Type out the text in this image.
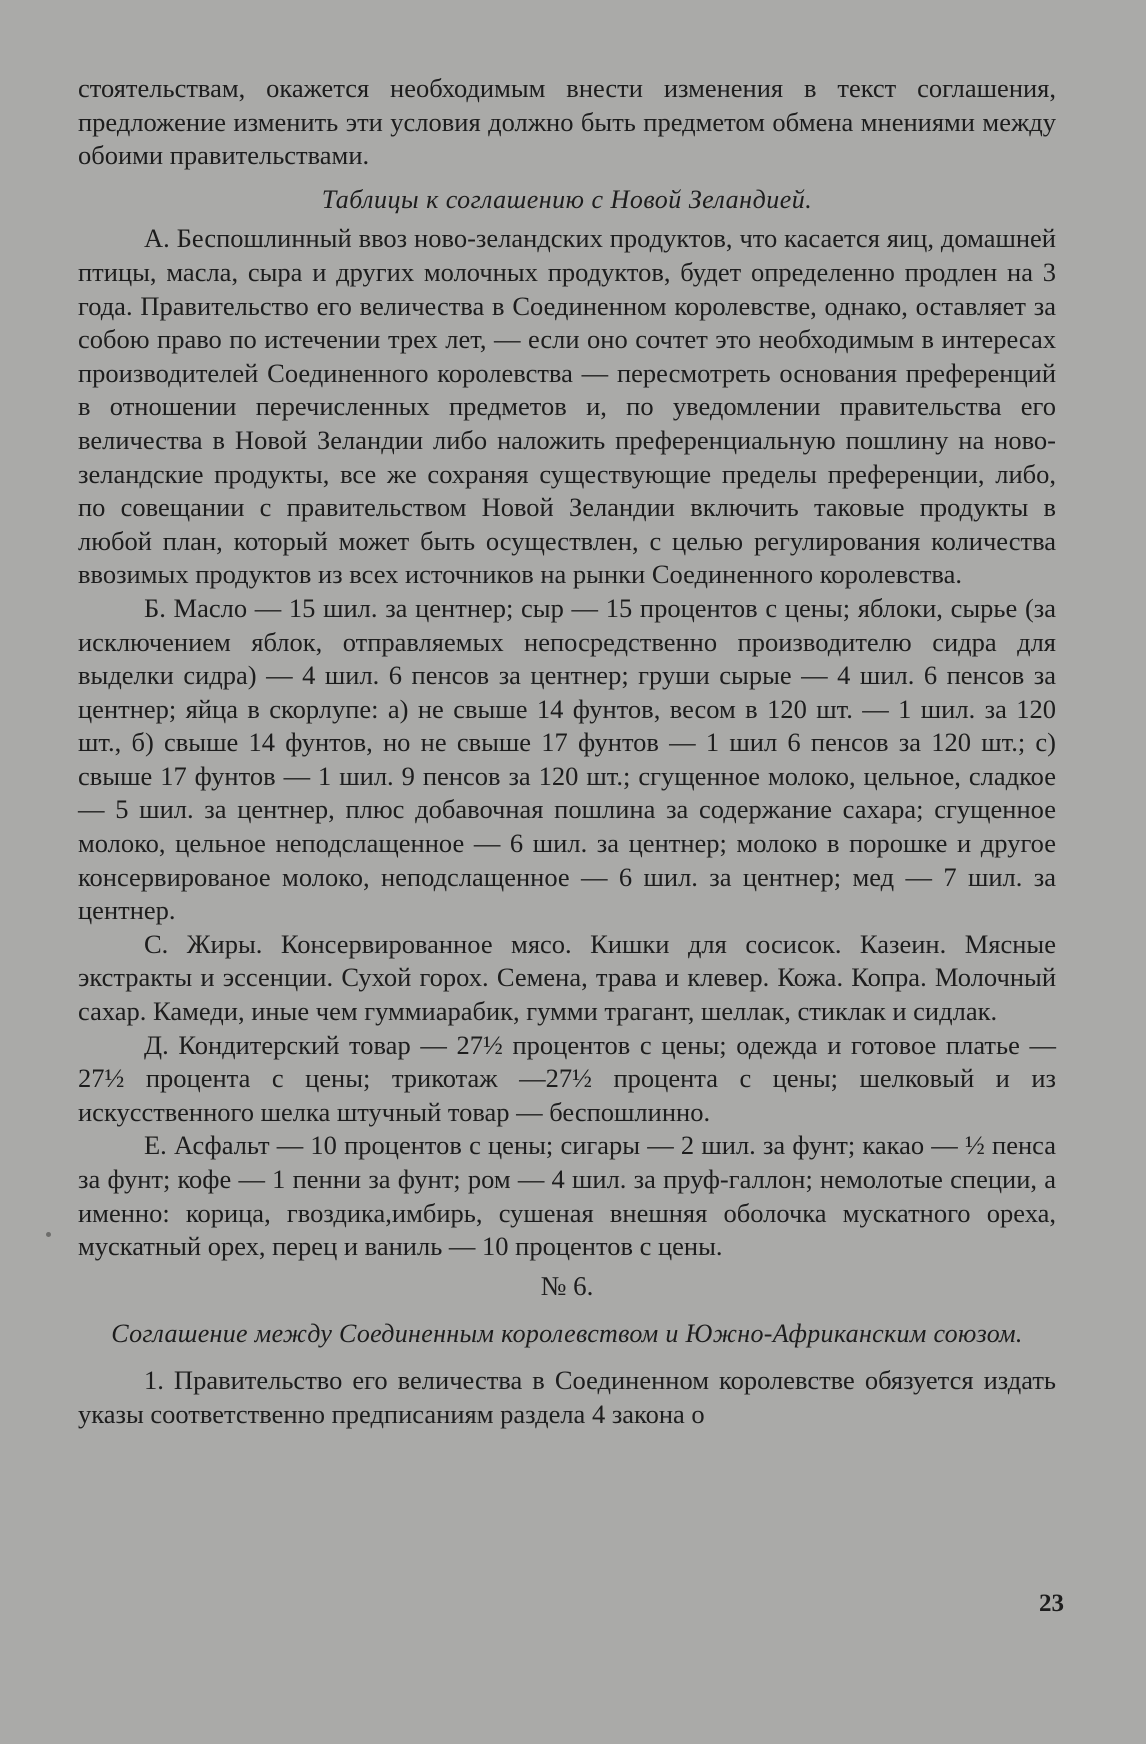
стоятельствам, окажется необходимым внести изменения в текст соглашения, предложение изменить эти условия должно быть предметом обмена мнениями между обоими правительствами.

Таблицы к соглашению с Новой Зеландией.

А. Беспошлинный ввоз ново-зеландских продуктов, что касается яиц, домашней птицы, масла, сыра и других молочных продуктов, будет определенно продлен на 3 года. Правительство его величества в Соединенном королевстве, однако, оставляет за собою право по истечении трех лет, — если оно сочтет это необходимым в интересах производителей Соединенного королевства — пересмотреть основания преференций в отношении перечисленных предметов и, по уведомлении правительства его величества в Новой Зеландии либо наложить преференциальную пошлину на ново-зеландские продукты, все же сохраняя существующие пределы преференции, либо, по совещании с правительством Новой Зеландии включить таковые продукты в любой план, который может быть осуществлен, с целью регулирования количества ввозимых продуктов из всех источников на рынки Соединенного королевства.

Б. Масло — 15 шил. за центнер; сыр — 15 процентов с цены; яблоки, сырье (за исключением яблок, отправляемых непосредственно производителю сидра для выделки сидра) — 4 шил. 6 пенсов за центнер; груши сырые — 4 шил. 6 пенсов за центнер; яйца в скорлупе: а) не свыше 14 фунтов, весом в 120 шт. — 1 шил. за 120 шт., б) свыше 14 фунтов, но не свыше 17 фунтов — 1 шил 6 пенсов за 120 шт.; с) свыше 17 фунтов — 1 шил. 9 пенсов за 120 шт.; сгущенное молоко, цельное, сладкое — 5 шил. за центнер, плюс добавочная пошлина за содержание сахара; сгущенное молоко, цельное неподслащенное — 6 шил. за центнер; молоко в порошке и другое консервированое молоко, неподслащенное — 6 шил. за центнер; мед — 7 шил. за центнер.

С. Жиры. Консервированное мясо. Кишки для сосисок. Казеин. Мясные экстракты и эссенции. Сухой горох. Семена, трава и клевер. Кожа. Копра. Молочный сахар. Камеди, иные чем гуммиарабик, гумми трагант, шеллак, стиклак и сидлак.

Д. Кондитерский товар — 27½ процентов с цены; одежда и готовое платье —27½ процента с цены; трикотаж —27½ процента с цены; шелковый и из искусственного шелка штучный товар — беспошлинно.

Е. Асфальт — 10 процентов с цены; сигары — 2 шил. за фунт; какао — ½ пенса за фунт; кофе — 1 пенни за фунт; ром — 4 шил. за пруф-галлон; немолотые специи, а именно: корица, гвоздика,имбирь, сушеная внешняя оболочка мускатного ореха, мускатный орех, перец и ваниль — 10 процентов с цены.

№ 6.

Соглашение между Соединенным королевством и Южно-Африканским союзом.

1. Правительство его величества в Соединенном королевстве обязуется издать указы соответственно предписаниям раздела 4 закона о

23
